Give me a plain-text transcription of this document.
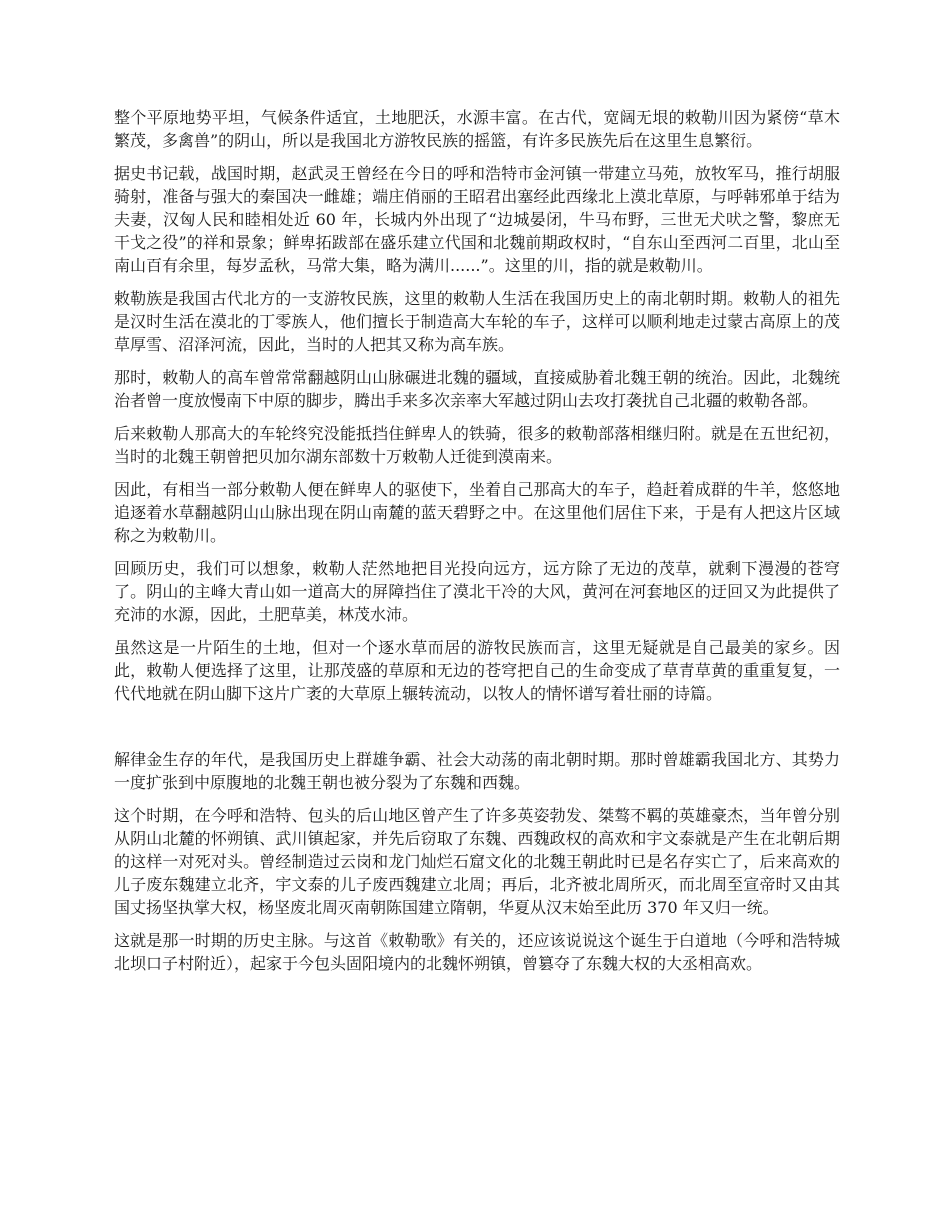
整个平原地势平坦，气候条件适宜，土地肥沃，水源丰富。在古代，宽阔无垠的敕勒川因为紧傍“草木繁茂，多禽兽”的阴山，所以是我国北方游牧民族的摇篮，有许多民族先后在这里生息繁衍。

据史书记载，战国时期，赵武灵王曾经在今日的呼和浩特市金河镇一带建立马苑，放牧军马，推行胡服骑射，准备与强大的秦国决一雌雄；端庄俏丽的王昭君出塞经此西缘北上漠北草原，与呼韩邪单于结为夫妻，汉匈人民和睦相处近 60 年，长城内外出现了“边城晏闭，牛马布野，三世无犬吠之警，黎庶无干戈之役”的祥和景象；鲜卑拓跋部在盛乐建立代国和北魏前期政权时，“自东山至西河二百里，北山至南山百有余里，每岁孟秋，马常大集，略为满川......”。这里的川，指的就是敕勒川。

敕勒族是我国古代北方的一支游牧民族，这里的敕勒人生活在我国历史上的南北朝时期。敕勒人的祖先是汉时生活在漠北的丁零族人，他们擅长于制造高大车轮的车子，这样可以顺利地走过蒙古高原上的茂草厚雪、沼泽河流，因此，当时的人把其又称为高车族。

那时，敕勒人的高车曾常常翻越阴山山脉碾进北魏的疆域，直接威胁着北魏王朝的统治。因此，北魏统治者曾一度放慢南下中原的脚步，腾出手来多次亲率大军越过阴山去攻打袭扰自己北疆的敕勒各部。

后来敕勒人那高大的车轮终究没能抵挡住鲜卑人的铁骑，很多的敕勒部落相继归附。就是在五世纪初，当时的北魏王朝曾把贝加尔湖东部数十万敕勒人迁徙到漠南来。

因此，有相当一部分敕勒人便在鲜卑人的驱使下，坐着自己那高大的车子，趋赶着成群的牛羊，悠悠地追逐着水草翻越阴山山脉出现在阴山南麓的蓝天碧野之中。在这里他们居住下来，于是有人把这片区域称之为敕勒川。

回顾历史，我们可以想象，敕勒人茫然地把目光投向远方，远方除了无边的茂草，就剩下漫漫的苍穹了。阴山的主峰大青山如一道高大的屏障挡住了漠北干冷的大风，黄河在河套地区的迂回又为此提供了充沛的水源，因此，土肥草美，林茂水沛。

虽然这是一片陌生的土地，但对一个逐水草而居的游牧民族而言，这里无疑就是自己最美的家乡。因此，敕勒人便选择了这里，让那茂盛的草原和无边的苍穹把自己的生命变成了草青草黄的重重复复，一代代地就在阴山脚下这片广袤的大草原上辗转流动，以牧人的情怀谱写着壮丽的诗篇。

解律金生存的年代，是我国历史上群雄争霸、社会大动荡的南北朝时期。那时曾雄霸我国北方、其势力一度扩张到中原腹地的北魏王朝也被分裂为了东魏和西魏。

这个时期，在今呼和浩特、包头的后山地区曾产生了许多英姿勃发、桀骜不羁的英雄豪杰，当年曾分别从阴山北麓的怀朔镇、武川镇起家，并先后窃取了东魏、西魏政权的高欢和宇文泰就是产生在北朝后期的这样一对死对头。曾经制造过云岗和龙门灿烂石窟文化的北魏王朝此时已是名存实亡了，后来高欢的儿子废东魏建立北齐，宇文泰的儿子废西魏建立北周；再后，北齐被北周所灭，而北周至宣帝时又由其国丈扬坚执掌大权，杨坚废北周灭南朝陈国建立隋朝，华夏从汉末始至此历 370 年又归一统。

这就是那一时期的历史主脉。与这首《敕勒歌》有关的，还应该说说这个诞生于白道地（今呼和浩特城北坝口子村附近），起家于今包头固阳境内的北魏怀朔镇，曾篡夺了东魏大权的大丞相高欢。
